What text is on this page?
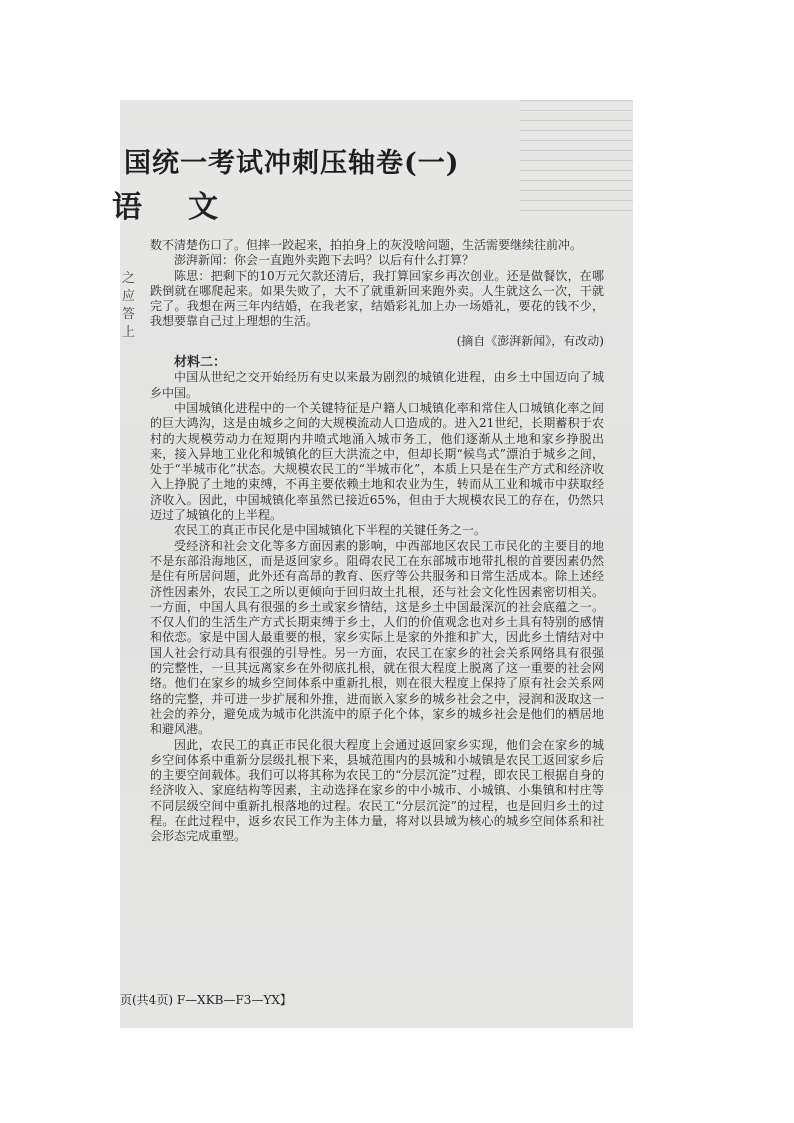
国统一考试冲刺压轴卷(一)
语 文
之
应
答
上

数不清楚伤口了。但摔一跤起来，拍拍身上的灰没啥问题，生活需要继续往前冲。

澎湃新闻：你会一直跑外卖跑下去吗？以后有什么打算？

陈思：把剩下的10万元欠款还清后，我打算回家乡再次创业。还是做餐饮，在哪跌倒就在哪爬起来。如果失败了，大不了就重新回来跑外卖。人生就这么一次，干就完了。我想在两三年内结婚，在我老家，结婚彩礼加上办一场婚礼，要花的钱不少，我想要靠自己过上理想的生活。

(摘自《澎湃新闻》，有改动)

材料二：

中国从世纪之交开始经历有史以来最为剧烈的城镇化进程，由乡土中国迈向了城乡中国。

中国城镇化进程中的一个关键特征是户籍人口城镇化率和常住人口城镇化率之间的巨大鸿沟，这是由城乡之间的大规模流动人口造成的。进入21世纪，长期蓄积于农村的大规模劳动力在短期内井喷式地涌入城市务工，他们逐渐从土地和家乡挣脱出来，接入异地工业化和城镇化的巨大洪流之中，但却长期“候鸟式”漂泊于城乡之间，处于“半城市化”状态。大规模农民工的“半城市化”，本质上只是在生产方式和经济收入上挣脱了土地的束缚，不再主要依赖土地和农业为生，转而从工业和城市中获取经济收入。因此，中国城镇化率虽然已接近65%，但由于大规模农民工的存在，仍然只迈过了城镇化的上半程。

农民工的真正市民化是中国城镇化下半程的关键任务之一。

受经济和社会文化等多方面因素的影响，中西部地区农民工市民化的主要目的地不是东部沿海地区，而是返回家乡。阻碍农民工在东部城市地带扎根的首要因素仍然是住有所居问题，此外还有高昂的教育、医疗等公共服务和日常生活成本。除上述经济性因素外，农民工之所以更倾向于回归故土扎根，还与社会文化性因素密切相关。一方面，中国人具有很强的乡土或家乡情结，这是乡土中国最深沉的社会底蕴之一。不仅人们的生活生产方式长期束缚于乡土，人们的价值观念也对乡土具有特别的感情和依恋。家是中国人最重要的根，家乡实际上是家的外推和扩大，因此乡土情结对中国人社会行动具有很强的引导性。另一方面，农民工在家乡的社会关系网络具有很强的完整性，一旦其远离家乡在外彻底扎根，就在很大程度上脱离了这一重要的社会网络。他们在家乡的城乡空间体系中重新扎根，则在很大程度上保持了原有社会关系网络的完整，并可进一步扩展和外推，进而嵌入家乡的城乡社会之中，浸润和汲取这一社会的养分，避免成为城市化洪流中的原子化个体，家乡的城乡社会是他们的栖居地和避风港。

因此，农民工的真正市民化很大程度上会通过返回家乡实现，他们会在家乡的城乡空间体系中重新分层级扎根下来，县城范围内的县城和小城镇是农民工返回家乡后的主要空间载体。我们可以将其称为农民工的“分层沉淀”过程，即农民工根据自身的经济收入、家庭结构等因素，主动选择在家乡的中小城市、小城镇、小集镇和村庄等不同层级空间中重新扎根落地的过程。农民工“分层沉淀”的过程，也是回归乡土的过程。在此过程中，返乡农民工作为主体力量，将对以县域为核心的城乡空间体系和社会形态完成重塑。

页(共4页) F—XKB—F3—YX】
